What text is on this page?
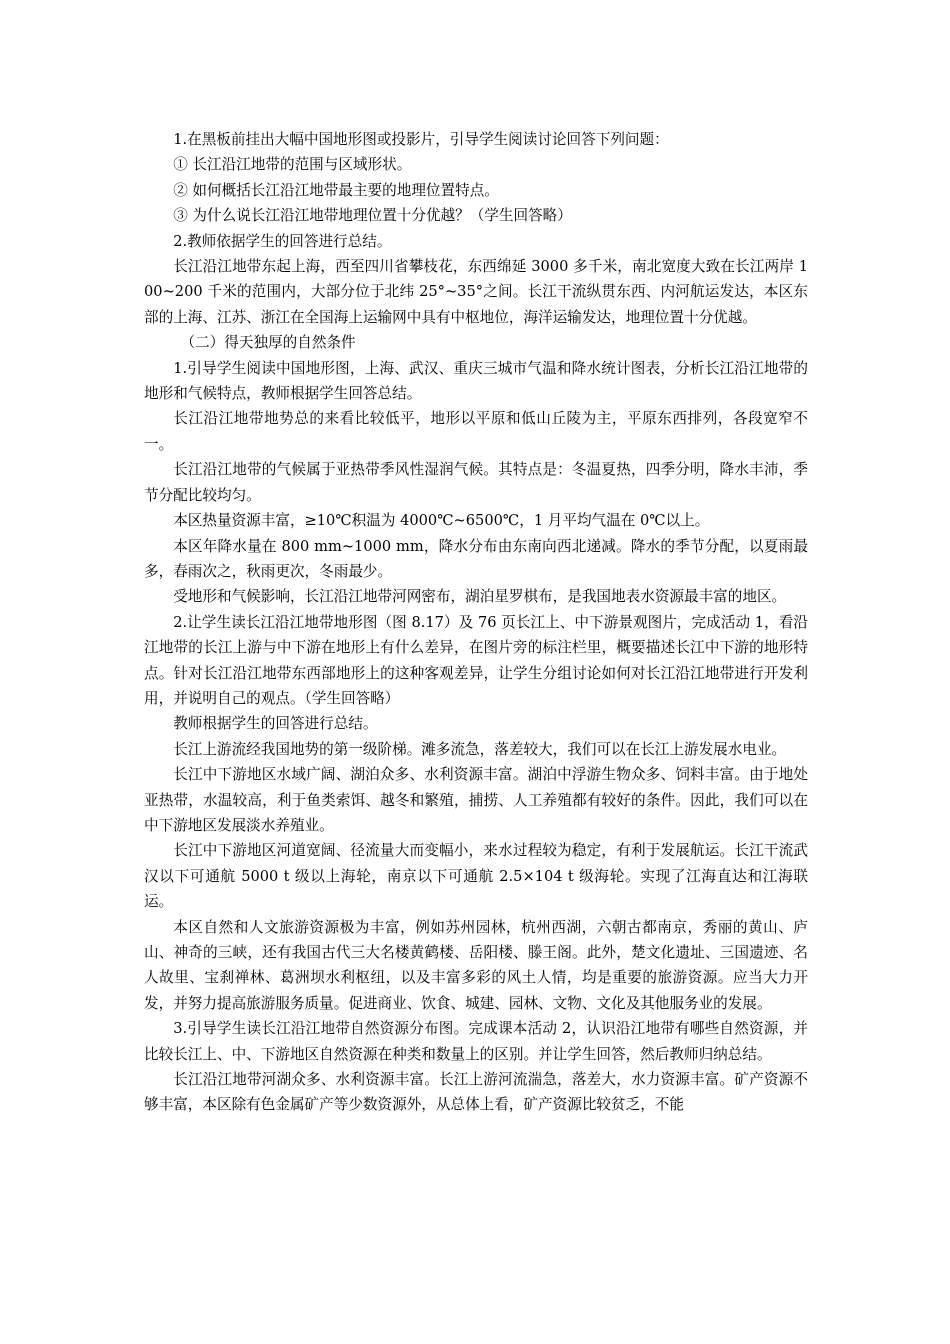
1.在黑板前挂出大幅中国地形图或投影片，引导学生阅读讨论回答下列问题：

① 长江沿江地带的范围与区域形状。

② 如何概括长江沿江地带最主要的地理位置特点。

③ 为什么说长江沿江地带地理位置十分优越？（学生回答略）

2.教师依据学生的回答进行总结。

长江沿江地带东起上海，西至四川省攀枝花，东西绵延 3000 多千米，南北宽度大致在长江两岸 100~200 千米的范围内，大部分位于北纬 25°~35°之间。长江干流纵贯东西、内河航运发达，本区东部的上海、江苏、浙江在全国海上运输网中具有中枢地位，海洋运输发达，地理位置十分优越。

（二）得天独厚的自然条件

1.引导学生阅读中国地形图，上海、武汉、重庆三城市气温和降水统计图表，分析长江沿江地带的地形和气候特点，教师根据学生回答总结。

长江沿江地带地势总的来看比较低平，地形以平原和低山丘陵为主，平原东西排列，各段宽窄不一。

长江沿江地带的气候属于亚热带季风性湿润气候。其特点是：冬温夏热，四季分明，降水丰沛，季节分配比较均匀。

本区热量资源丰富，≥10℃积温为 4000℃~6500℃，1 月平均气温在 0℃以上。

本区年降水量在 800 mm~1000 mm，降水分布由东南向西北递减。降水的季节分配，以夏雨最多，春雨次之，秋雨更次，冬雨最少。

受地形和气候影响，长江沿江地带河网密布，湖泊星罗棋布，是我国地表水资源最丰富的地区。

2.让学生读长江沿江地带地形图（图 8.17）及 76 页长江上、中下游景观图片，完成活动 1，看沿江地带的长江上游与中下游在地形上有什么差异，在图片旁的标注栏里，概要描述长江中下游的地形特点。针对长江沿江地带东西部地形上的这种客观差异，让学生分组讨论如何对长江沿江地带进行开发利用，并说明自己的观点。（学生回答略）

教师根据学生的回答进行总结。

长江上游流经我国地势的第一级阶梯。滩多流急，落差较大，我们可以在长江上游发展水电业。

长江中下游地区水域广阔、湖泊众多、水利资源丰富。湖泊中浮游生物众多、饲料丰富。由于地处亚热带，水温较高，利于鱼类索饵、越冬和繁殖，捕捞、人工养殖都有较好的条件。因此，我们可以在中下游地区发展淡水养殖业。

长江中下游地区河道宽阔、径流量大而变幅小，来水过程较为稳定，有利于发展航运。长江干流武汉以下可通航 5000 t 级以上海轮，南京以下可通航 2.5×104 t 级海轮。实现了江海直达和江海联运。

本区自然和人文旅游资源极为丰富，例如苏州园林，杭州西湖，六朝古都南京，秀丽的黄山、庐山、神奇的三峡，还有我国古代三大名楼黄鹤楼、岳阳楼、滕王阁。此外，楚文化遗址、三国遗迹、名人故里、宝刹禅林、葛洲坝水利枢纽，以及丰富多彩的风土人情，均是重要的旅游资源。应当大力开发，并努力提高旅游服务质量。促进商业、饮食、城建、园林、文物、文化及其他服务业的发展。

3.引导学生读长江沿江地带自然资源分布图。完成课本活动 2，认识沿江地带有哪些自然资源，并比较长江上、中、下游地区自然资源在种类和数量上的区别。并让学生回答，然后教师归纳总结。

长江沿江地带河湖众多、水利资源丰富。长江上游河流湍急，落差大，水力资源丰富。矿产资源不够丰富，本区除有色金属矿产等少数资源外，从总体上看，矿产资源比较贫乏，不能
